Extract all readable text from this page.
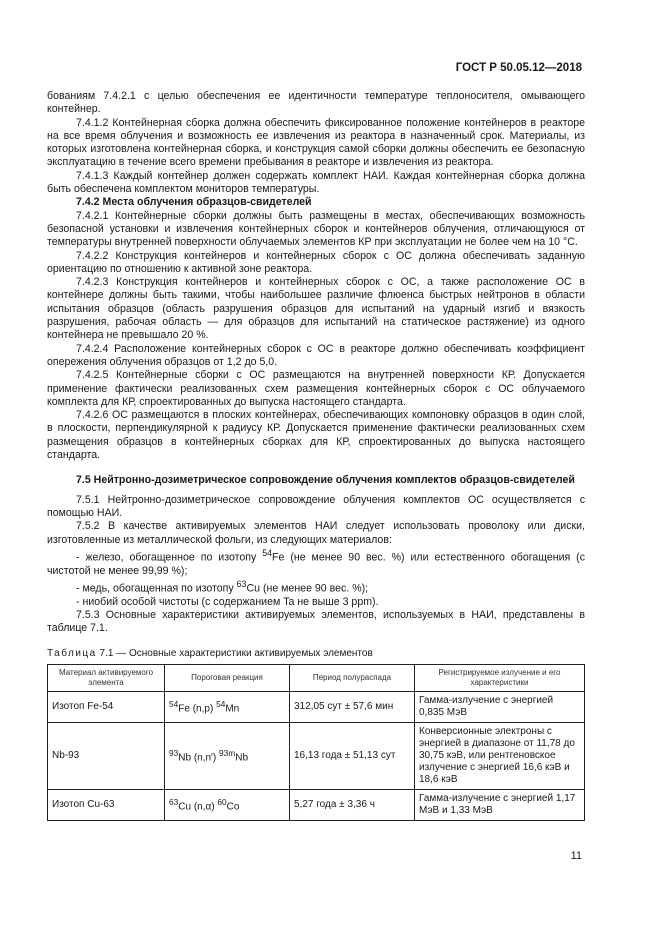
ГОСТ Р 50.05.12—2018

бованиям 7.4.2.1 с целью обеспечения ее идентичности температуре теплоносителя, омывающего контейнер.

7.4.1.2 Контейнерная сборка должна обеспечить фиксированное положение контейнеров в реакторе на все время облучения и возможность ее извлечения из реактора в назначенный срок. Материалы, из которых изготовлена контейнерная сборка, и конструкция самой сборки должны обеспечить ее безопасную эксплуатацию в течение всего времени пребывания в реакторе и извлечения из реактора.

7.4.1.3 Каждый контейнер должен содержать комплект НАИ. Каждая контейнерная сборка должна быть обеспечена комплектом мониторов температуры.

7.4.2 Места облучения образцов-свидетелей

7.4.2.1 Контейнерные сборки должны быть размещены в местах, обеспечивающих возможность безопасной установки и извлечения контейнерных сборок и контейнеров облучения, отличающуюся от температуры внутренней поверхности облучаемых элементов КР при эксплуатации не более чем на 10 °С.

7.4.2.2 Конструкция контейнеров и контейнерных сборок с ОС должна обеспечивать заданную ориентацию по отношению к активной зоне реактора.

7.4.2.3 Конструкция контейнеров и контейнерных сборок с ОС, а также расположение ОС в контейнере должны быть такими, чтобы наибольшее различие флюенса быстрых нейтронов в области испытания образцов (область разрушения образцов для испытаний на ударный изгиб и вязкость разрушения, рабочая область — для образцов для испытаний на статическое растяжение) из одного контейнера не превышало 20 %.

7.4.2.4 Расположение контейнерных сборок с ОС в реакторе должно обеспечивать коэффициент опережения облучения образцов от 1,2 до 5,0.

7.4.2.5 Контейнерные сборки с ОС размещаются на внутренней поверхности КР. Допускается применение фактически реализованных схем размещения контейнерных сборок с ОС облучаемого комплекта для КР, спроектированных до выпуска настоящего стандарта.

7.4.2.6 ОС размещаются в плоских контейнерах, обеспечивающих компоновку образцов в один слой, в плоскости, перпендикулярной к радиусу КР. Допускается применение фактически реализованных схем размещения образцов в контейнерных сборках для КР, спроектированных до выпуска настоящего стандарта.

7.5 Нейтронно-дозиметрическое сопровождение облучения комплектов образцов-свидетелей

7.5.1 Нейтронно-дозиметрическое сопровождение облучения комплектов ОС осуществляется с помощью НАИ.

7.5.2 В качестве активируемых элементов НАИ следует использовать проволоку или диски, изготовленные из металлической фольги, из следующих материалов:

- железо, обогащенное по изотопу $^{54}$Fe (не менее 90 вес. %) или естественного обогащения (с чистотой не менее 99,99 %);

- медь, обогащенная по изотопу $^{63}$Cu (не менее 90 вес. %);

- ниобий особой чистоты (с содержанием Ta не выше 3 ppm).

7.5.3 Основные характеристики активируемых элементов, используемых в НАИ, представлены в таблице 7.1.

Таблица 7.1 — Основные характеристики активируемых элементов

Материал активируемого элемента	Пороговая реакция	Период полураспада	Регистрируемое излучение и его характеристики
Изотоп Fe-54	$^{54}$Fe (n,p) $^{54}$Mn	312,05 сут ± 57,6 мин	Гамма-излучение с энергией 0,835 МэВ
Nb-93	$^{93}$Nb (n,n′) $^{93m}$Nb	16,13 года ± 51,13 сут	Конверсионные электроны с энергией в диапазоне от 11,78 до 30,75 кэВ, или рентгеновское излучение с энергией 16,6 кэВ и 18,6 кэВ
Изотоп Cu-63	$^{63}$Cu (n,α) $^{60}$Co	5,27 года ± 3,36 ч	Гамма-излучение с энергией 1,17 МэВ и 1,33 МэВ
11
